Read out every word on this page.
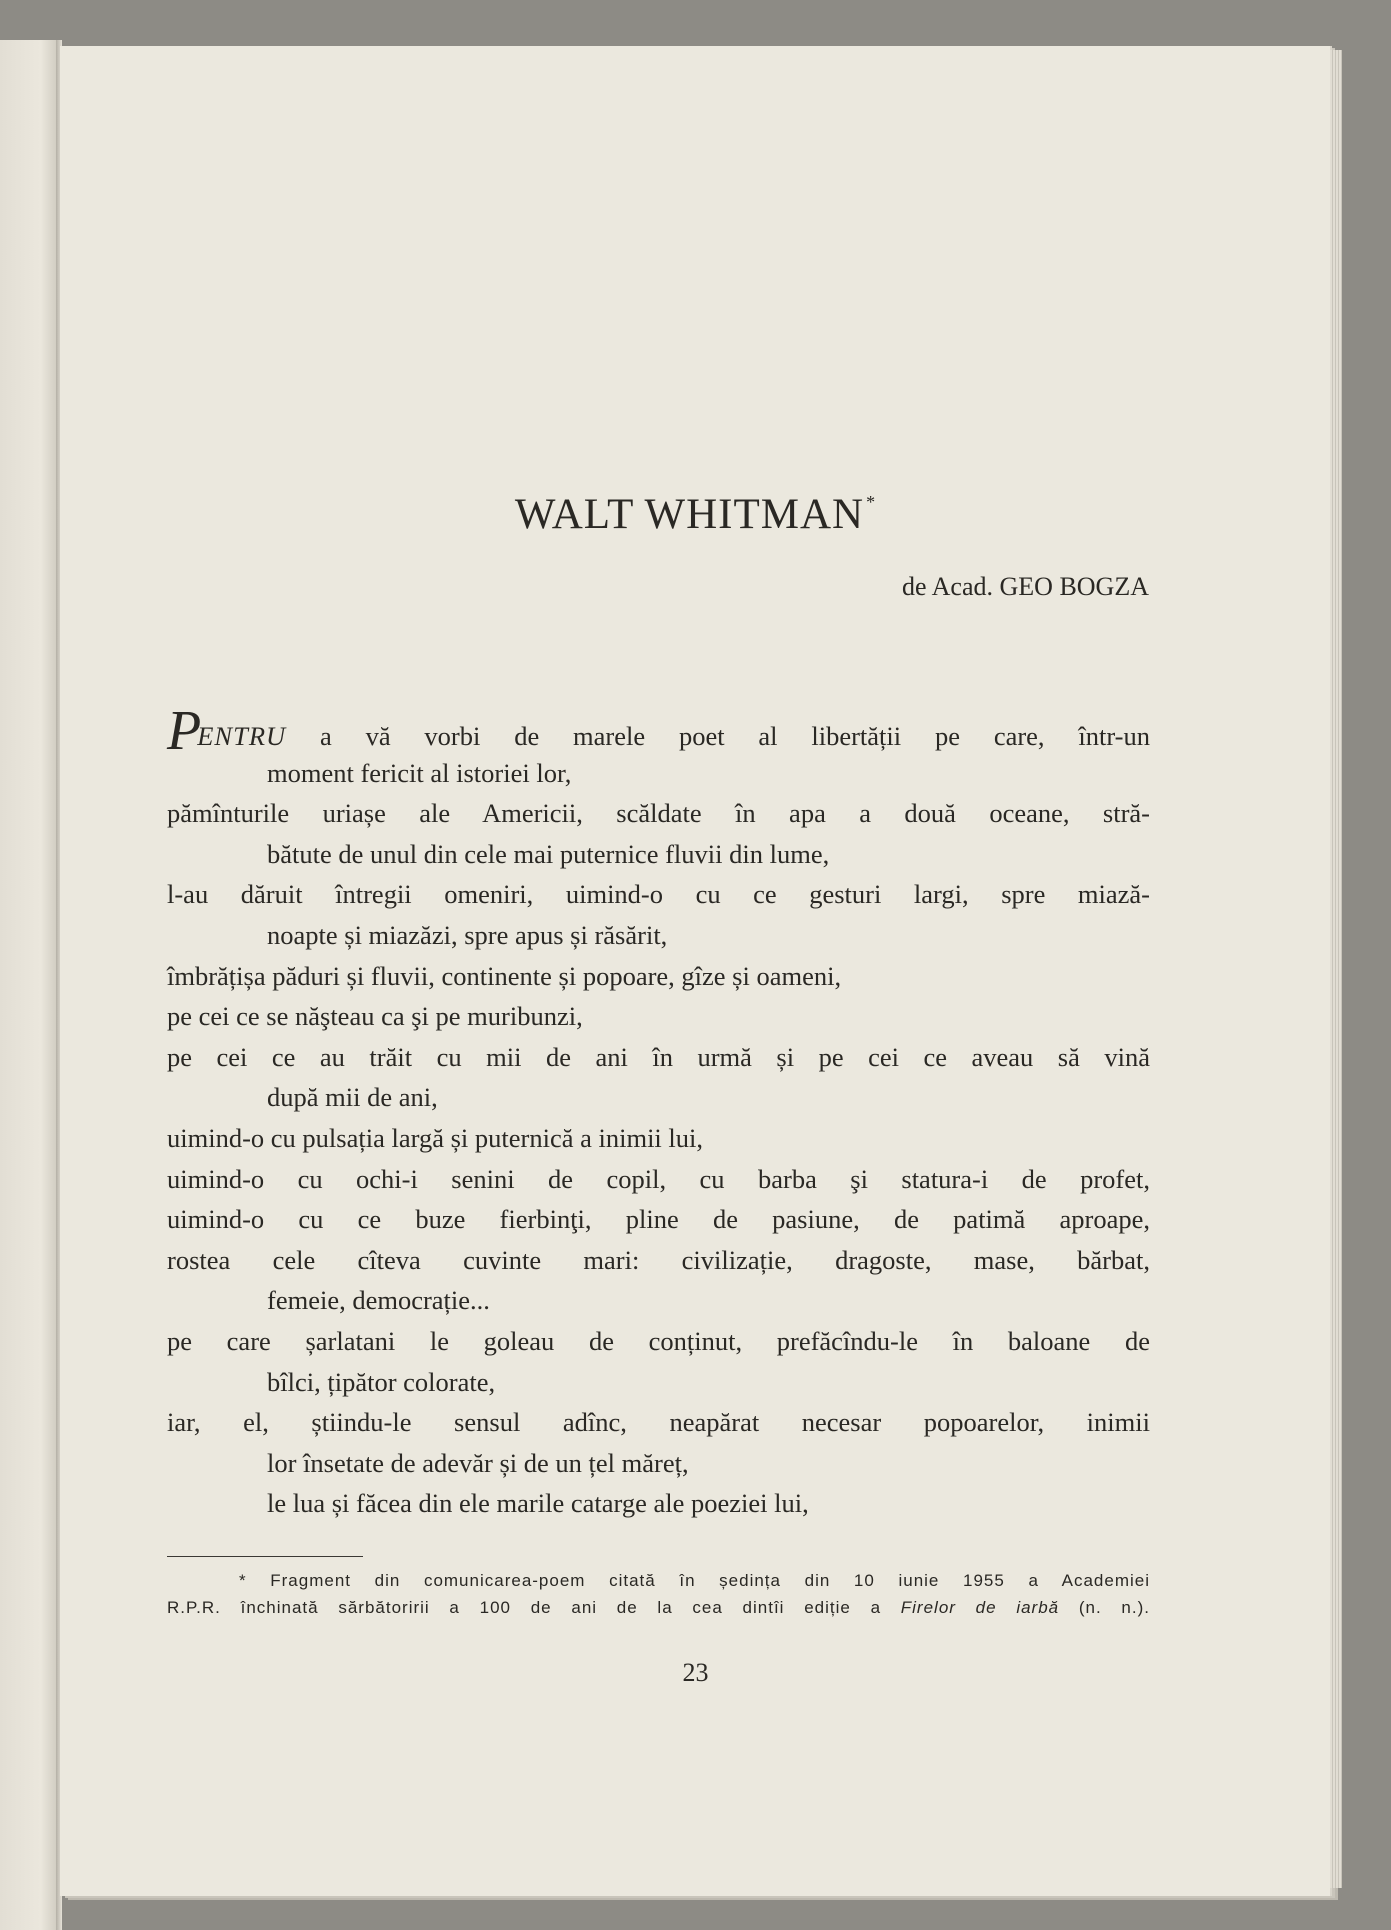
WALT WHITMAN *
de Acad. GEO BOGZA
PENTRU a vă vorbi de marele poet al libertății pe care, într-un
moment fericit al istoriei lor,
pămînturile uriașe ale Americii, scăldate în apa a două oceane, stră-
bătute de unul din cele mai puternice fluvii din lume,
l-au dăruit întregii omeniri, uimind-o cu ce gesturi largi, spre miază-
noapte și miazăzi, spre apus și răsărit,
îmbrățișa păduri și fluvii, continente și popoare, gîze și oameni,
pe cei ce se năşteau ca şi pe muribunzi,
pe cei ce au trăit cu mii de ani în urmă și pe cei ce aveau să vină
după mii de ani,
uimind-o cu pulsația largă și puternică a inimii lui,
uimind-o cu ochi-i senini de copil, cu barba şi statura-i de profet,
uimind-o cu ce buze fierbinţi, pline de pasiune, de patimă aproape,
rostea cele cîteva cuvinte mari: civilizație, dragoste, mase, bărbat,
femeie, democrație...
pe care șarlatani le goleau de conținut, prefăcîndu-le în baloane de
bîlci, țipător colorate,
iar, el, știindu-le sensul adînc, neapărat necesar popoarelor, inimii
lor însetate de adevăr și de un țel măreț,
le lua și făcea din ele marile catarge ale poeziei lui,
* Fragment din comunicarea-poem citată în ședința din 10 iunie 1955 a Academiei
R.P.R. închinată sărbătoririi a 100 de ani de la cea dintîi ediție a Firelor de iarbă (n. n.).
23
